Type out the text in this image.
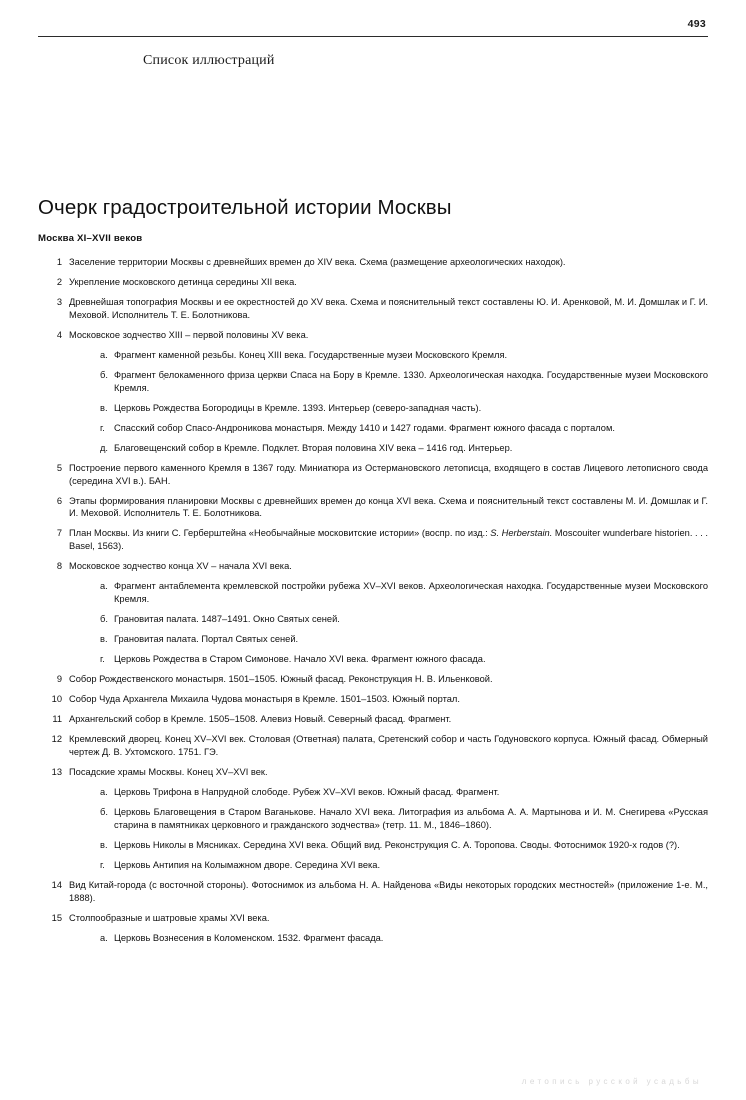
493
Список иллюстраций
Очерк градостроительной истории Москвы
Москва XI–XVII веков
1 Заселение территории Москвы с древнейших времен до XIV века. Схема (размещение археологических находок).
2 Укрепление московского детинца середины XII века.
3 Древнейшая топография Москвы и ее окрестностей до XV века. Схема и пояснительный текст составлены Ю. И. Аренковой, М. И. Домшлак и Г. И. Меховой. Исполнитель Т. Е. Болотникова.
4 Московское зодчество XIII – первой половины XV века.
а. Фрагмент каменной резьбы. Конец XIII века. Государственные музеи Московского Кремля.
б. Фрагмент белокаменного фриза церкви Спаса на Бору в Кремле. 1330. Археологическая находка. Государственные музеи Московского Кремля.
в. Церковь Рождества Богородицы в Кремле. 1393. Интерьер (северо-западная часть).
г. Спасский собор Спасо-Андроникова монастыря. Между 1410 и 1427 годами. Фрагмент южного фасада с порталом.
д. Благовещенский собор в Кремле. Подклет. Вторая половина XIV века – 1416 год. Интерьер.
5 Построение первого каменного Кремля в 1367 году. Миниатюра из Остермановского летописца, входящего в состав Лицевого летописного свода (середина XVI в.). БАН.
6 Этапы формирования планировки Москвы с древнейших времен до конца XVI века. Схема и пояснительный текст составлены М. И. Домшлак и Г. И. Меховой. Исполнитель Т. Е. Болотникова.
7 План Москвы. Из книги С. Герберштейна «Необычайные московитские истории» (воспр. по изд.: S. Herberstain. Moscouiter wunderbare historien. . . . Basel, 1563).
8 Московское зодчество конца XV – начала XVI века.
а. Фрагмент антаблемента кремлевской постройки рубежа XV–XVI веков. Археологическая находка. Государственные музеи Московского Кремля.
б. Грановитая палата. 1487–1491. Окно Святых сеней.
в. Грановитая палата. Портал Святых сеней.
г. Церковь Рождества в Старом Симонове. Начало XVI века. Фрагмент южного фасада.
9 Собор Рождественского монастыря. 1501–1505. Южный фасад. Реконструкция Н. В. Ильенковой.
10 Собор Чуда Архангела Михаила Чудова монастыря в Кремле. 1501–1503. Южный портал.
11 Архангельский собор в Кремле. 1505–1508. Алевиз Новый. Северный фасад. Фрагмент.
12 Кремлевский дворец. Конец XV–XVI век. Столовая (Ответная) палата, Сретенский собор и часть Годуновского корпуса. Южный фасад. Обмерный чертеж Д. В. Ухтомского. 1751. ГЭ.
13 Посадские храмы Москвы. Конец XV–XVI век.
а. Церковь Трифона в Напрудной слободе. Рубеж XV–XVI веков. Южный фасад. Фрагмент.
б. Церковь Благовещения в Старом Ваганькове. Начало XVI века. Литография из альбома А. А. Мартынова и И. М. Снегирева «Русская старина в памятниках церковного и гражданского зодчества» (тетр. 11. М., 1846–1860).
в. Церковь Николы в Мясниках. Середина XVI века. Общий вид. Реконструкция С. А. Торопова. Своды. Фотоснимок 1920-х годов (?).
г. Церковь Антипия на Колымажном дворе. Середина XVI века.
14 Вид Китай-города (с восточной стороны). Фотоснимок из альбома Н. А. Найденова «Виды некоторых городских местностей» (приложение 1-е. М., 1888).
15 Столпообразные и шатровые храмы XVI века.
а. Церковь Вознесения в Коломенском. 1532. Фрагмент фасада.
летопись русской усадьбы
